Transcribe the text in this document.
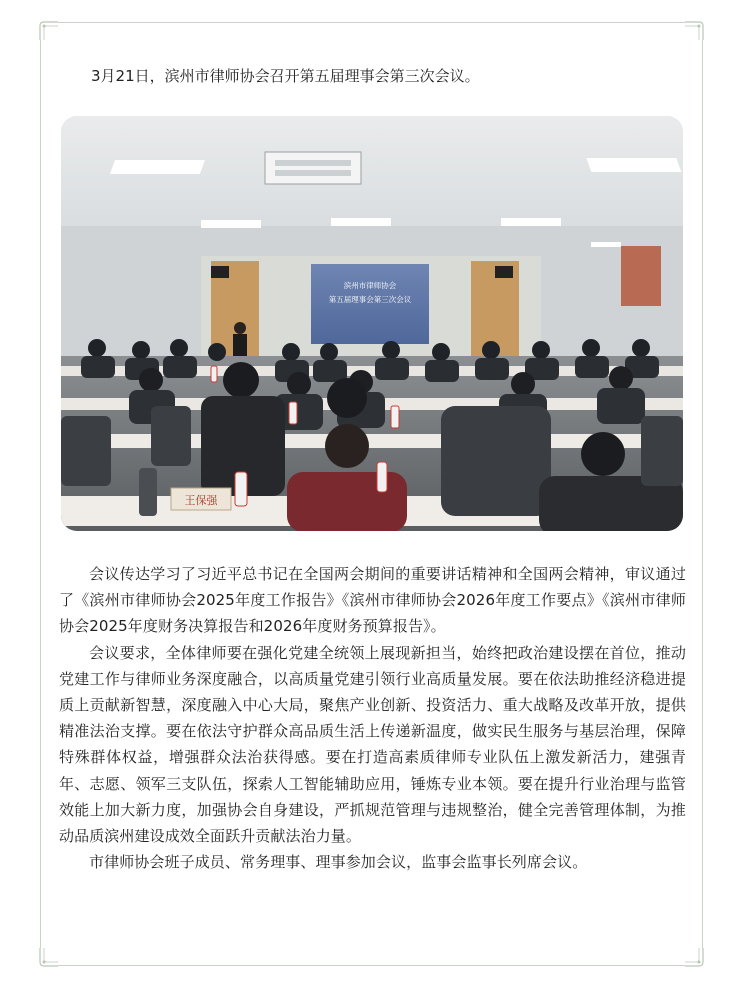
3月21日，滨州市律师协会召开第五届理事会第三次会议。

滨州市律师协会
第五届理事会第三次会议
王保强

会议传达学习了习近平总书记在全国两会期间的重要讲话精神和全国两会精神，审议通过了《滨州市律师协会2025年度工作报告》《滨州市律师协会2026年度工作要点》《滨州市律师协会2025年度财务决算报告和2026年度财务预算报告》。

会议要求，全体律师要在强化党建全统领上展现新担当，始终把政治建设摆在首位，推动党建工作与律师业务深度融合，以高质量党建引领行业高质量发展。要在依法助推经济稳进提质上贡献新智慧，深度融入中心大局，聚焦产业创新、投资活力、重大战略及改革开放，提供精准法治支撑。要在依法守护群众高品质生活上传递新温度，做实民生服务与基层治理，保障特殊群体权益，增强群众法治获得感。要在打造高素质律师专业队伍上激发新活力，建强青年、志愿、领军三支队伍，探索人工智能辅助应用，锤炼专业本领。要在提升行业治理与监管效能上加大新力度，加强协会自身建设，严抓规范管理与违规整治，健全完善管理体制，为推动品质滨州建设成效全面跃升贡献法治力量。

市律师协会班子成员、常务理事、理事参加会议，监事会监事长列席会议。
